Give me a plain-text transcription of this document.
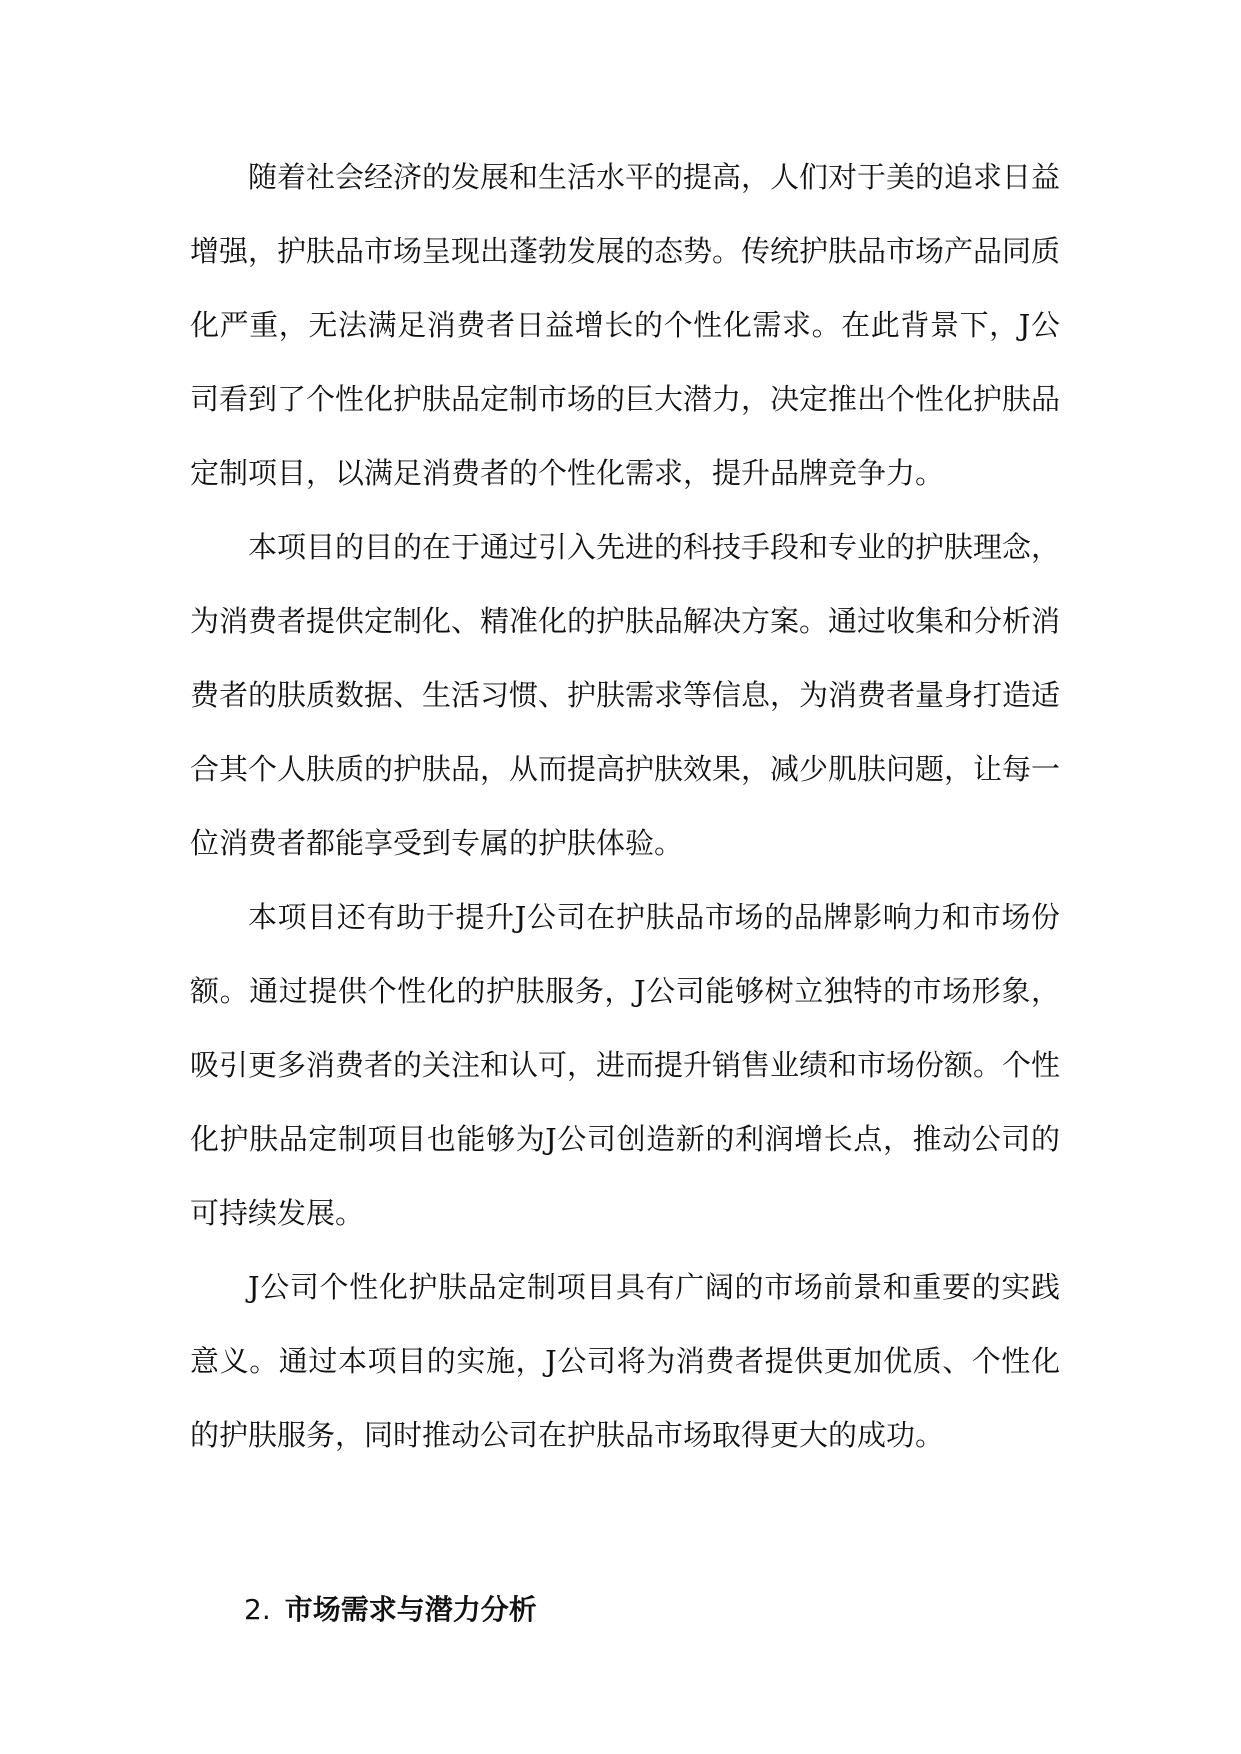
随着社会经济的发展和生活水平的提高，人们对于美的追求日益增强，护肤品市场呈现出蓬勃发展的态势。传统护肤品市场产品同质化严重，无法满足消费者日益增长的个性化需求。在此背景下，J公司看到了个性化护肤品定制市场的巨大潜力，决定推出个性化护肤品定制项目，以满足消费者的个性化需求，提升品牌竞争力。

本项目的目的在于通过引入先进的科技手段和专业的护肤理念，为消费者提供定制化、精准化的护肤品解决方案。通过收集和分析消费者的肤质数据、生活习惯、护肤需求等信息，为消费者量身打造适合其个人肤质的护肤品，从而提高护肤效果，减少肌肤问题，让每一位消费者都能享受到专属的护肤体验。

本项目还有助于提升J公司在护肤品市场的品牌影响力和市场份额。通过提供个性化的护肤服务，J公司能够树立独特的市场形象，吸引更多消费者的关注和认可，进而提升销售业绩和市场份额。个性化护肤品定制项目也能够为J公司创造新的利润增长点，推动公司的可持续发展。

J公司个性化护肤品定制项目具有广阔的市场前景和重要的实践意义。通过本项目的实施，J公司将为消费者提供更加优质、个性化的护肤服务，同时推动公司在护肤品市场取得更大的成功。

2. 市场需求与潜力分析
